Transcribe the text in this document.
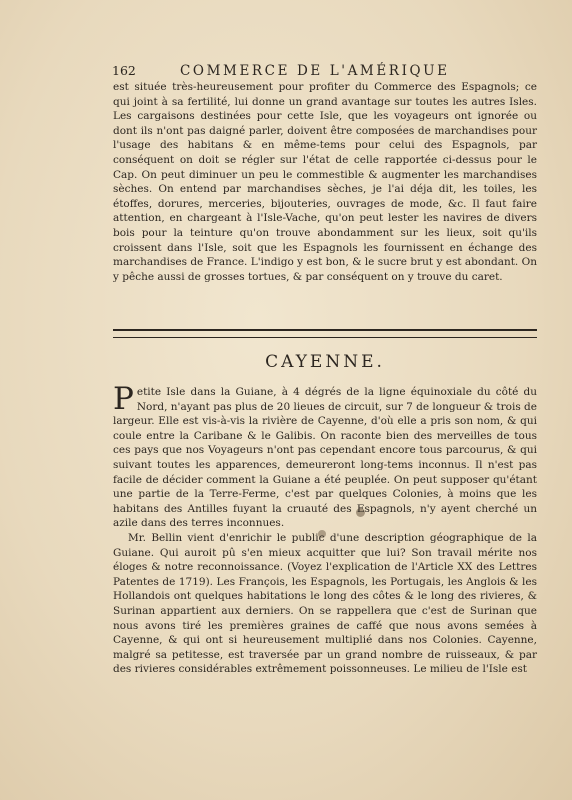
162	COMMERCE DE L'AMÉRIQUE

est située très-heureusement pour profiter du Commerce des Espagnols; ce qui joint à sa fertilité, lui donne un grand avantage sur toutes les autres Isles. Les cargaisons destinées pour cette Isle, que les voyageurs ont ignorée ou dont ils n'ont pas daigné parler, doivent être composées de marchandises pour l'usage des habitans & en même-tems pour celui des Espagnols, par conséquent on doit se régler sur l'état de celle rapportée ci-dessus pour le Cap. On peut diminuer un peu le commestible & augmenter les marchandises sèches. On entend par marchandises sèches, je l'ai déja dit, les toiles, les étoffes, dorures, merceries, bijouteries, ouvrages de mode, &c. Il faut faire attention, en chargeant à l'Isle-Vache, qu'on peut lester les navires de divers bois pour la teinture qu'on trouve abondamment sur les lieux, soit qu'ils croissent dans l'Isle, soit que les Espagnols les fournissent en échange des marchandises de France. L'indigo y est bon, & le sucre brut y est abondant. On y pêche aussi de grosses tortues, & par conséquent on y trouve du caret.

CAYENNE.

Petite Isle dans la Guiane, à 4 dégrés de la ligne équinoxiale du côté du Nord, n'ayant pas plus de 20 lieues de circuit, sur 7 de longueur & trois de largeur. Elle est vis-à-vis la rivière de Cayenne, d'où elle a pris son nom, & qui coule entre la Caribane & le Galibis. On raconte bien des merveilles de tous ces pays que nos Voyageurs n'ont pas cependant encore tous parcourus, & qui suivant toutes les apparences, demeureront long-tems inconnus. Il n'est pas facile de décider comment la Guiane a été peuplée. On peut supposer qu'étant une partie de la Terre-Ferme, c'est par quelques Colonies, à moins que les habitans des Antilles fuyant la cruauté des Espagnols, n'y ayent cherché un azile dans des terres inconnues.

Mr. Bellin vient d'enrichir le public d'une description géographique de la Guiane. Qui auroit pû s'en mieux acquitter que lui? Son travail mérite nos éloges & notre reconnoissance. (Voyez l'explication de l'Article XX des Lettres Patentes de 1719). Les François, les Espagnols, les Portugais, les Anglois & les Hollandois ont quelques habitations le long des côtes & le long des rivieres, & Surinan appartient aux derniers. On se rappellera que c'est de Surinan que nous avons tiré les premières graines de caffé que nous avons semées à Cayenne, & qui ont si heureusement multiplié dans nos Colonies. Cayenne, malgré sa petitesse, est traversée par un grand nombre de ruisseaux, & par des rivieres considérables extrêmement poissonneuses. Le milieu de l'Isle est
